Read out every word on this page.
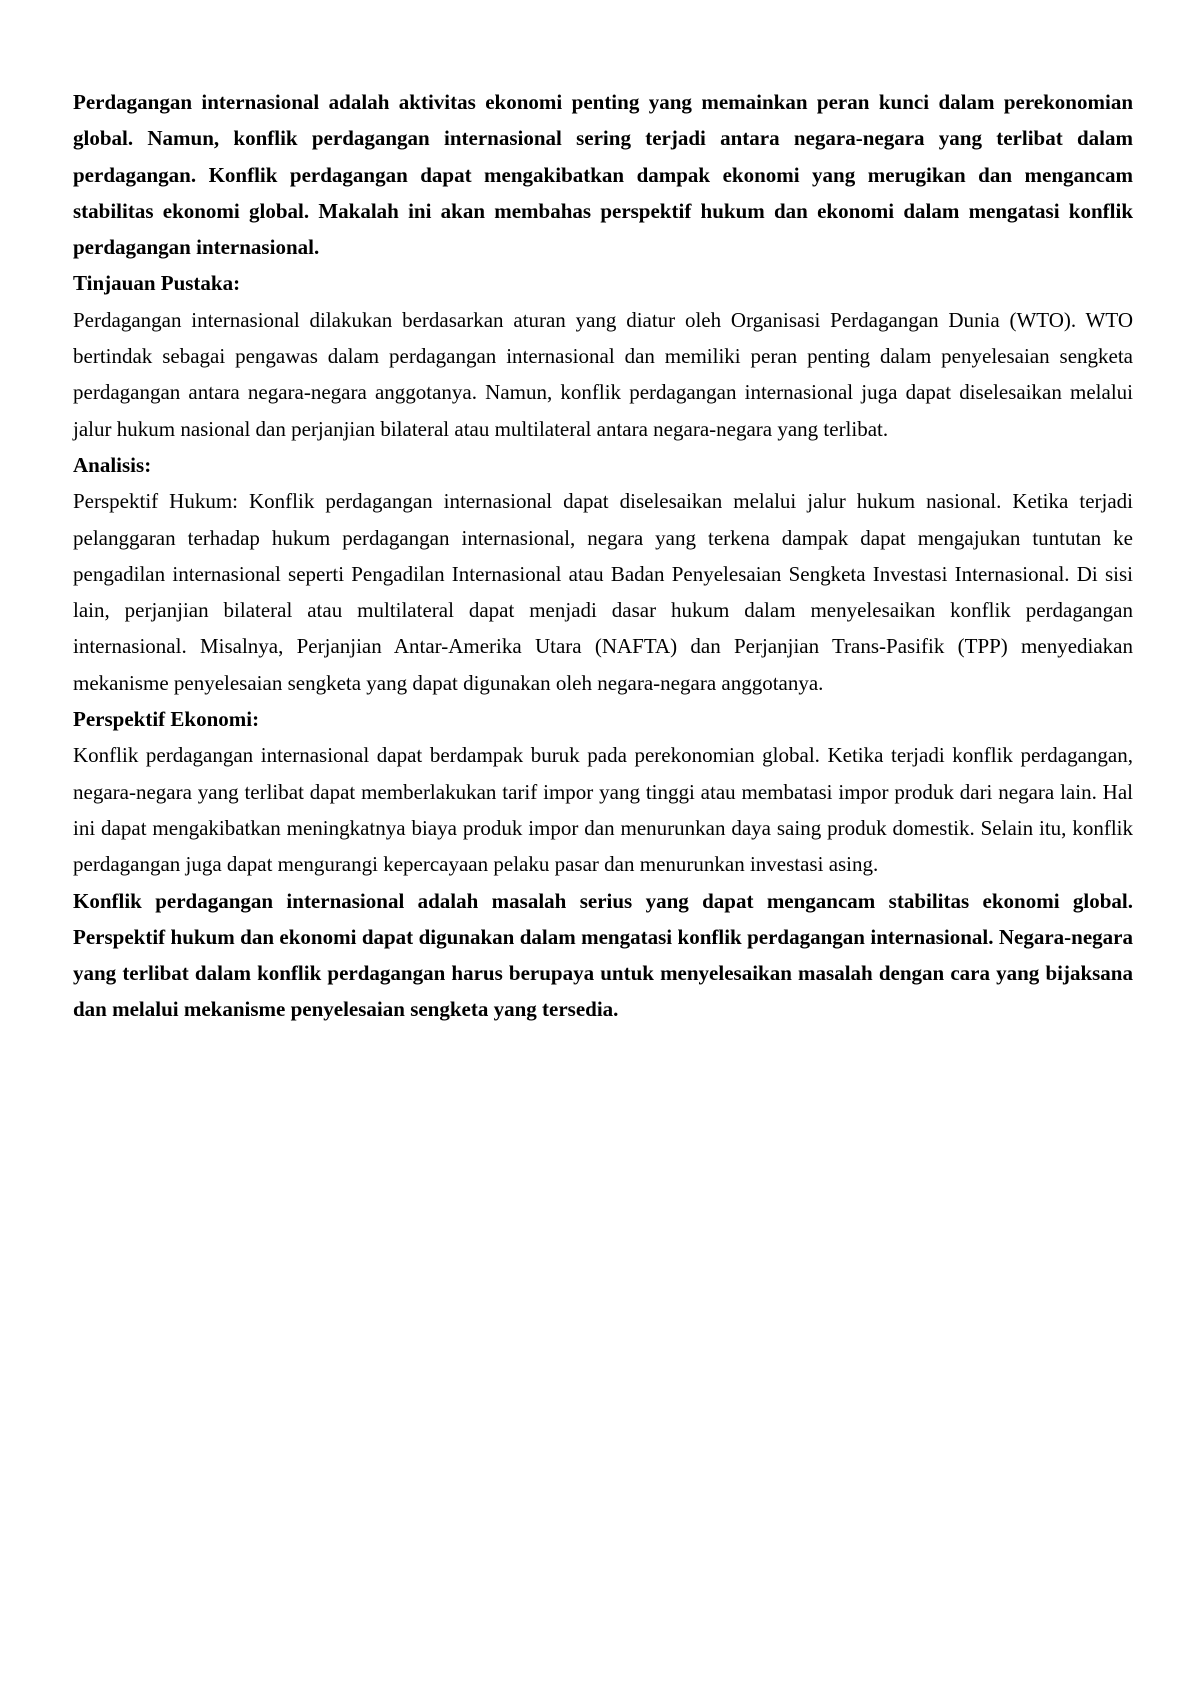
Perdagangan internasional adalah aktivitas ekonomi penting yang memainkan peran kunci dalam perekonomian global. Namun, konflik perdagangan internasional sering terjadi antara negara-negara yang terlibat dalam perdagangan. Konflik perdagangan dapat mengakibatkan dampak ekonomi yang merugikan dan mengancam stabilitas ekonomi global. Makalah ini akan membahas perspektif hukum dan ekonomi dalam mengatasi konflik perdagangan internasional.

Tinjauan Pustaka:

Perdagangan internasional dilakukan berdasarkan aturan yang diatur oleh Organisasi Perdagangan Dunia (WTO). WTO bertindak sebagai pengawas dalam perdagangan internasional dan memiliki peran penting dalam penyelesaian sengketa perdagangan antara negara-negara anggotanya. Namun, konflik perdagangan internasional juga dapat diselesaikan melalui jalur hukum nasional dan perjanjian bilateral atau multilateral antara negara-negara yang terlibat.

Analisis:

Perspektif Hukum: Konflik perdagangan internasional dapat diselesaikan melalui jalur hukum nasional. Ketika terjadi pelanggaran terhadap hukum perdagangan internasional, negara yang terkena dampak dapat mengajukan tuntutan ke pengadilan internasional seperti Pengadilan Internasional atau Badan Penyelesaian Sengketa Investasi Internasional. Di sisi lain, perjanjian bilateral atau multilateral dapat menjadi dasar hukum dalam menyelesaikan konflik perdagangan internasional. Misalnya, Perjanjian Antar-Amerika Utara (NAFTA) dan Perjanjian Trans-Pasifik (TPP) menyediakan mekanisme penyelesaian sengketa yang dapat digunakan oleh negara-negara anggotanya.

Perspektif Ekonomi:

Konflik perdagangan internasional dapat berdampak buruk pada perekonomian global. Ketika terjadi konflik perdagangan, negara-negara yang terlibat dapat memberlakukan tarif impor yang tinggi atau membatasi impor produk dari negara lain. Hal ini dapat mengakibatkan meningkatnya biaya produk impor dan menurunkan daya saing produk domestik. Selain itu, konflik perdagangan juga dapat mengurangi kepercayaan pelaku pasar dan menurunkan investasi asing.

Konflik perdagangan internasional adalah masalah serius yang dapat mengancam stabilitas ekonomi global. Perspektif hukum dan ekonomi dapat digunakan dalam mengatasi konflik perdagangan internasional. Negara-negara yang terlibat dalam konflik perdagangan harus berupaya untuk menyelesaikan masalah dengan cara yang bijaksana dan melalui mekanisme penyelesaian sengketa yang tersedia.
